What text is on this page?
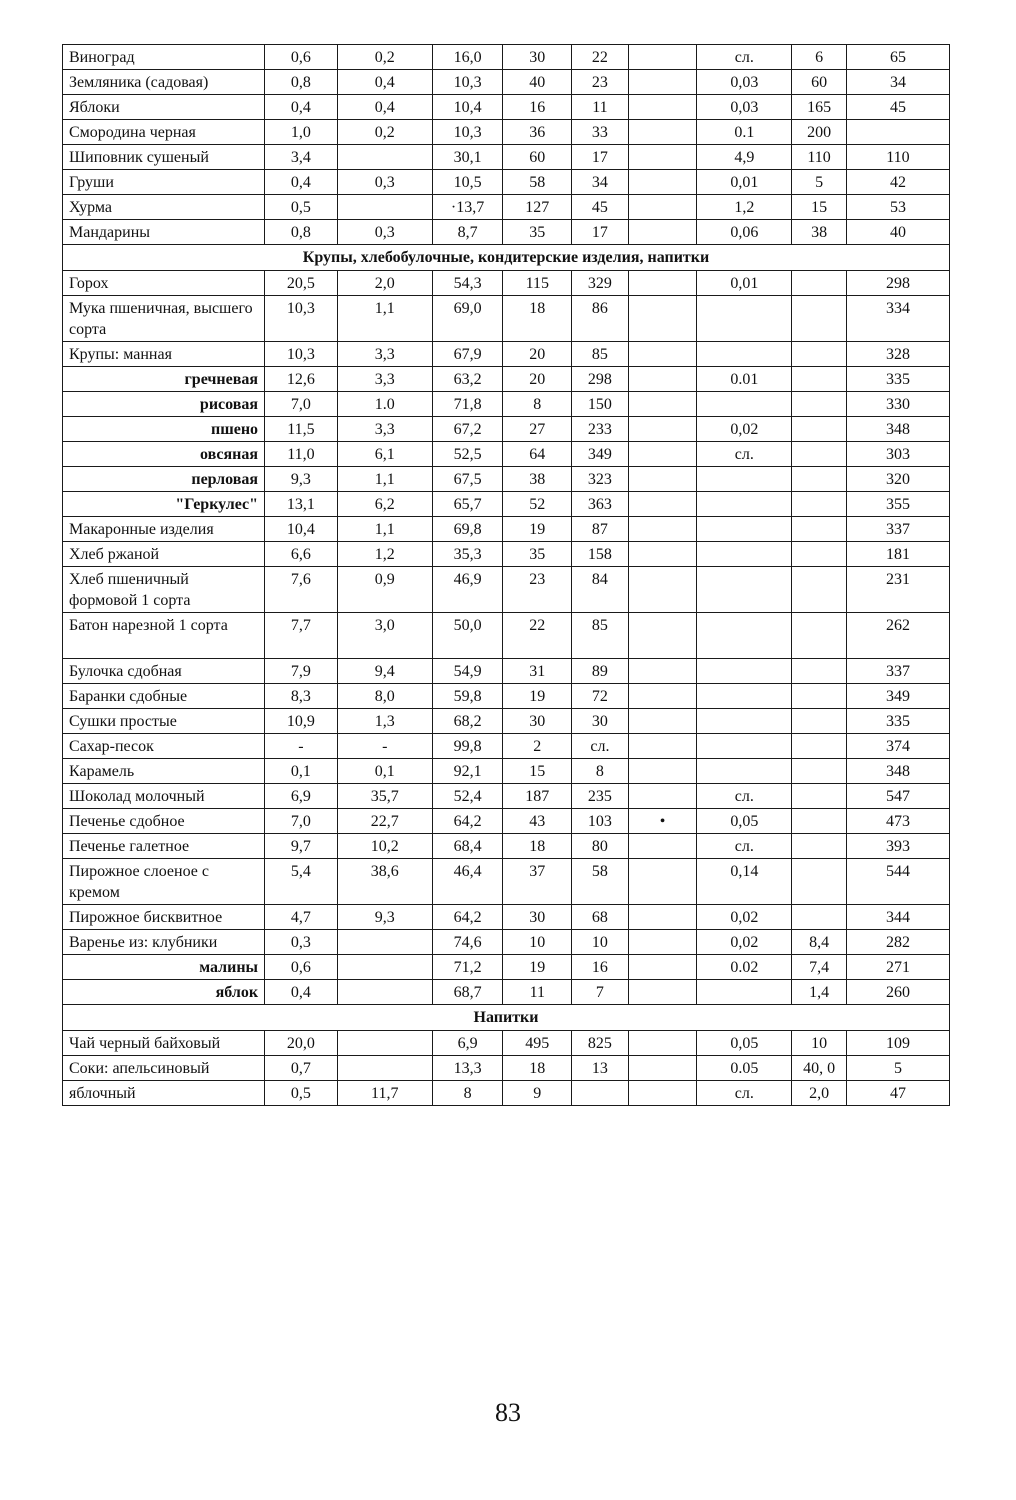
Виноград	0,6	0,2	16,0	30	22		сл.	6	65
Земляника (садовая)	0,8	0,4	10,3	40	23		0,03	60	34
Яблоки	0,4	0,4	10,4	16	11		0,03	165	45
Смородина черная	1,0	0,2	10,3	36	33		0.1	200	
Шиповник сушеный	3,4		30,1	60	17		4,9	110	110
Груши	0,4	0,3	10,5	58	34		0,01	5	42
Хурма	0,5		·13,7	127	45		1,2	15	53
Мандарины	0,8	0,3	8,7	35	17		0,06	38	40
Крупы, хлебобулочные, кондитерские изделия, напитки									
Горох	20,5	2,0	54,3	115	329		0,01		298
Мука пшеничная, высшего сорта	10,3	1,1	69,0	18	86				334
Крупы: манная	10,3	3,3	67,9	20	85				328
гречневая	12,6	3,3	63,2	20	298		0.01		335
рисовая	7,0	1.0	71,8	8	150				330
пшено	11,5	3,3	67,2	27	233		0,02		348
овсяная	11,0	6,1	52,5	64	349		сл.		303
перловая	9,3	1,1	67,5	38	323				320
"Геркулес"	13,1	6,2	65,7	52	363				355
Макаронные изделия	10,4	1,1	69,8	19	87				337
Хлеб ржаной	6,6	1,2	35,3	35	158				181
Хлеб пшеничный формовой 1 сорта	7,6	0,9	46,9	23	84				231
Батон нарезной 1 сорта	7,7	3,0	50,0	22	85				262
Булочка сдобная	7,9	9,4	54,9	31	89				337
Баранки сдобные	8,3	8,0	59,8	19	72				349
Сушки простые	10,9	1,3	68,2	30	30				335
Сахар-песок	-	-	99,8	2	сл.				374
Карамель	0,1	0,1	92,1	15	8				348
Шоколад молочный	6,9	35,7	52,4	187	235		сл.		547
Печенье сдобное	7,0	22,7	64,2	43	103	•	0,05		473
Печенье галетное	9,7	10,2	68,4	18	80		сл.		393
Пирожное слоеное с кремом	5,4	38,6	46,4	37	58		0,14		544
Пирожное бисквитное	4,7	9,3	64,2	30	68		0,02		344
Варенье из: клубники	0,3		74,6	10	10		0,02	8,4	282
малины	0,6		71,2	19	16		0.02	7,4	271
яблок	0,4		68,7	11	7			1,4	260
Напитки									
Чай черный байховый	20,0		6,9	495	825		0,05	10	109
Соки: апельсиновый	0,7		13,3	18	13		0.05	40, 0	5
яблочный	0,5	11,7	8	9			сл.	2,0	47
83
